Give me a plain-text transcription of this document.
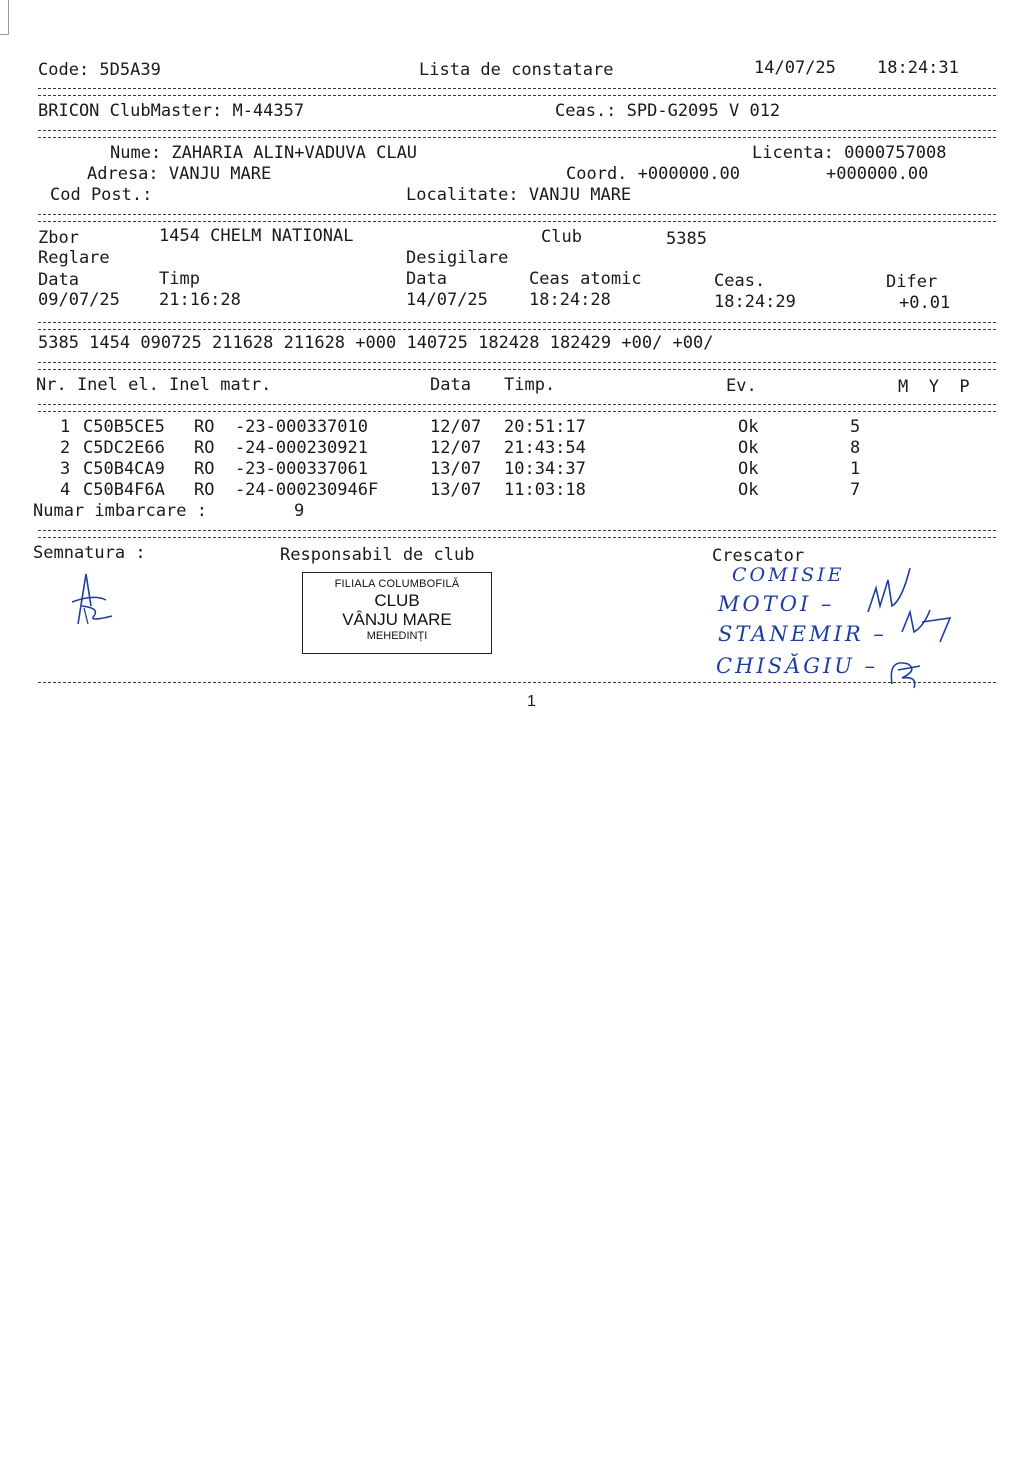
Code: 5D5A39	Lista de constatare	14/07/25 18:24:31
BRICON ClubMaster: M-44357	Ceas.: SPD-G2095 V 012
Nume: ZAHARIA ALIN+VADUVA CLAU	Licenta: 0000757008
Adresa: VANJU MARE	Coord. +000000.00	+000000.00
Cod Post.:	Localitate: VANJU MARE
Zbor	1454 CHELM NATIONAL	Club	5385
Reglare	Desigilare
Data	Timp	Data	Ceas atomic	Ceas.	Difer
09/07/25 21:16:28	14/07/25 18:24:28	18:24:29	+0.01
5385 1454 090725 211628 211628 +000 140725 182428 182429 +00/ +00/
Nr. Inel el. Inel matr.	Data Timp.	Ev.	M  Y  P
1 C50B5CE5 RO  -23-000337010	12/07 20:51:17	Ok	5
2 C5DC2E66 RO  -24-000230921	12/07 21:43:54	Ok	8
3 C50B4CA9 RO  -23-000337061	13/07 10:34:37	Ok	1
4 C50B4F6A RO  -24-000230946F	13/07 11:03:18	Ok	7
Numar imbarcare :	9
Semnatura :	Responsabil de club	Crescator
FILIALA COLUMBOFILĂ
CLUB
VÂNJU MARE
MEHEDINȚI
COMISIE
MOTOI –
STANEMIR –
CHISĂGIU –
1
